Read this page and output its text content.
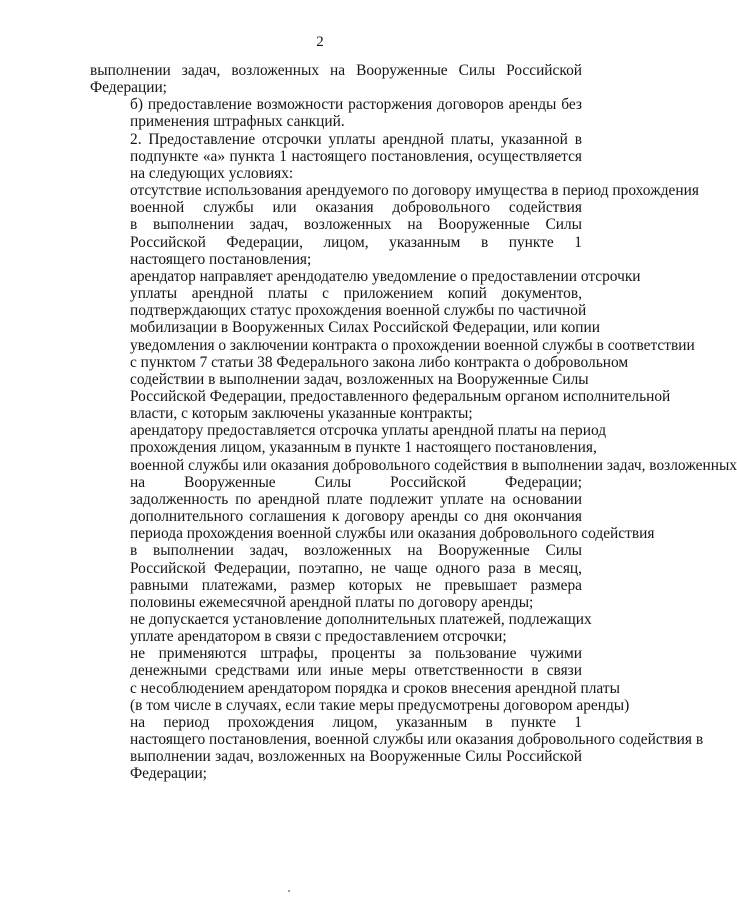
2

выполнении задач, возложенных на Вооруженные Силы Российской
Федерации;

б) предоставление возможности расторжения договоров аренды без
применения штрафных санкций.

2. Предоставление отсрочки уплаты арендной платы, указанной в
подпункте «а» пункта 1 настоящего постановления, осуществляется
на следующих условиях:

отсутствие использования арендуемого по договору имущества в период прохождения
военной службы или оказания добровольного содействия
в выполнении задач, возложенных на Вооруженные Силы
Российской Федерации, лицом, указанным в пункте 1
настоящего постановления;

арендатор направляет арендодателю уведомление о предоставлении отсрочки
уплаты арендной платы с приложением копий документов,
подтверждающих статус прохождения военной службы по частичной
мобилизации в Вооруженных Силах Российской Федерации, или копии
уведомления о заключении контракта о прохождении военной службы в соответствии
с пунктом 7 статьи 38 Федерального закона либо контракта о добровольном
содействии в выполнении задач, возложенных на Вооруженные Силы
Российской Федерации, предоставленного федеральным органом исполнительной
власти, с которым заключены указанные контракты;

арендатору предоставляется отсрочка уплаты арендной платы на период
прохождения лицом, указанным в пункте 1 настоящего постановления,
военной службы или оказания добровольного содействия в выполнении задач, возложенных
на Вооруженные Силы Российской Федерации;

задолженность по арендной плате подлежит уплате на основании
дополнительного соглашения к договору аренды со дня окончания
периода прохождения военной службы или оказания добровольного содействия
в выполнении задач, возложенных на Вооруженные Силы
Российской Федерации, поэтапно, не чаще одного раза в месяц,
равными платежами, размер которых не превышает размера
половины ежемесячной арендной платы по договору аренды;

не допускается установление дополнительных платежей, подлежащих
уплате арендатором в связи с предоставлением отсрочки;

не применяются штрафы, проценты за пользование чужими
денежными средствами или иные меры ответственности в связи
с несоблюдением арендатором порядка и сроков внесения арендной платы
(в том числе в случаях, если такие меры предусмотрены договором аренды)
на период прохождения лицом, указанным в пункте 1
настоящего постановления, военной службы или оказания добровольного содействия в
выполнении задач, возложенных на Вооруженные Силы Российской
Федерации;
